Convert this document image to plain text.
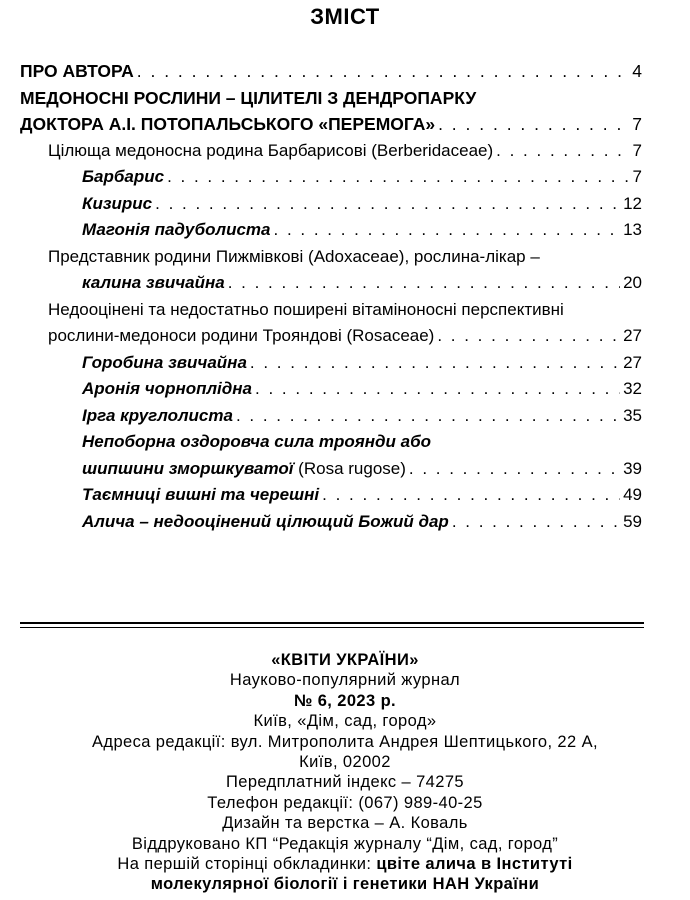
ЗМІСТ
ПРО АВТОРА . . .	4
МЕДОНОСНІ РОСЛИНИ – ЦІЛИТЕЛІ З ДЕНДРОПАРКУ
ДОКТОРА А.І. ПОТОПАЛЬСЬКОГО «ПЕРЕМОГА» . . .	7
Цілюща медоносна родина Барбарисові (Berberidaceae) . . .	7
Барбарис . . .	7
Кизирис . . .	12
Магонія падуболиста . . .	13
Представник родини Пижмівкові (Adoxaceae), рослина-лікар –
калина звичайна . . .	20
Недооцінені та недостатньо поширені вітаміноносні перспективні
рослини-медоноси родини Трояндові (Rosaceae) . . .	27
Горобина звичайна . . .	27
Аронія чорноплідна . . .	32
Ірга круглолиста . . .	35
Непоборна оздоровча сила троянди або
шипшини зморшкуватої (Rosa rugose) . . .	39
Таємниці вишні та черешні . . .	49
Алича – недооцінений цілющий Божий дар . . .	59
«КВІТИ УКРАЇНИ»
Науково-популярний журнал
№ 6, 2023 р.
Київ, «Дім, сад, город»
Адреса редакції: вул. Митрополита Андрея Шептицького, 22 А,
Київ, 02002
Передплатний індекс – 74275
Телефон редакції: (067) 989-40-25
Дизайн та верстка – А. Коваль
Віддруковано КП “Редакція журналу “Дім, сад, город”
На першій сторінці обкладинки: цвіте алича в Інституті
молекулярної біології і генетики НАН України
